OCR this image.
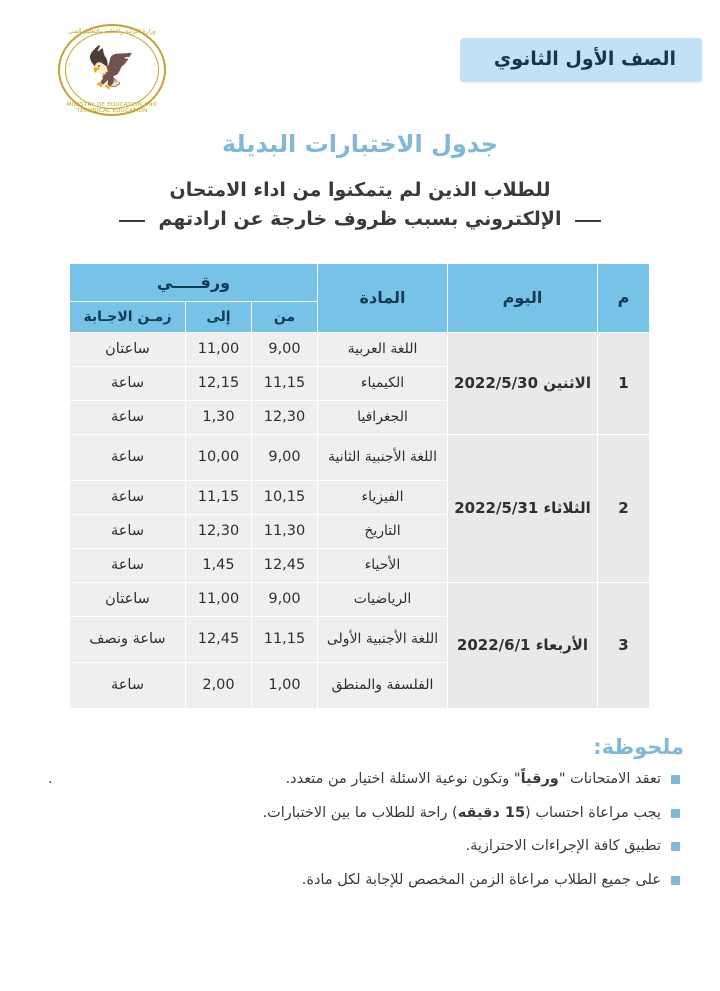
الصف الأول الثانوي
🦅
وزارة التربية والتعليم والتعليم الفني
MINISTRY OF EDUCATION AND TECHNICAL EDUCATION
جدول الاختبارات البديلة
للطلاب الذين لم يتمكنوا من اداء الامتحان
الإلكتروني بسبب ظروف خارجة عن ارادتهم
م	اليوم	المادة	ورقـــــي		
			من	إلى	زمـن الاجـابة
1	الاثنين 2022/5/30	اللغة العربية	9,00	11,00	ساعتان
		الكيمياء	11,15	12,15	ساعة
		الجغرافيا	12,30	1,30	ساعة
2	الثلاثاء 2022/5/31	اللغة الأجنبية الثانية	9,00	10,00	ساعة
		الفيزياء	10,15	11,15	ساعة
		التاريخ	11,30	12,30	ساعة
		الأحياء	12,45	1,45	ساعة
3	الأربعاء 2022/6/1	الرياضيات	9,00	11,00	ساعتان
		اللغة الأجنبية الأولى	11,15	12,45	ساعة ونصف
		الفلسفة والمنطق	1,00	2,00	ساعة
ملحوظة:
.	تعقد الامتحانات "ورقياً" وتكون نوعية الاسئلة اختيار من متعدد.
يجب مراعاة احتساب (15 دقيقه) راحة للطلاب ما بين الاختبارات.
تطبيق كافة الإجراءات الاحترازية.
على جميع الطلاب مراعاة الزمن المخصص للإجابة لكل مادة.
